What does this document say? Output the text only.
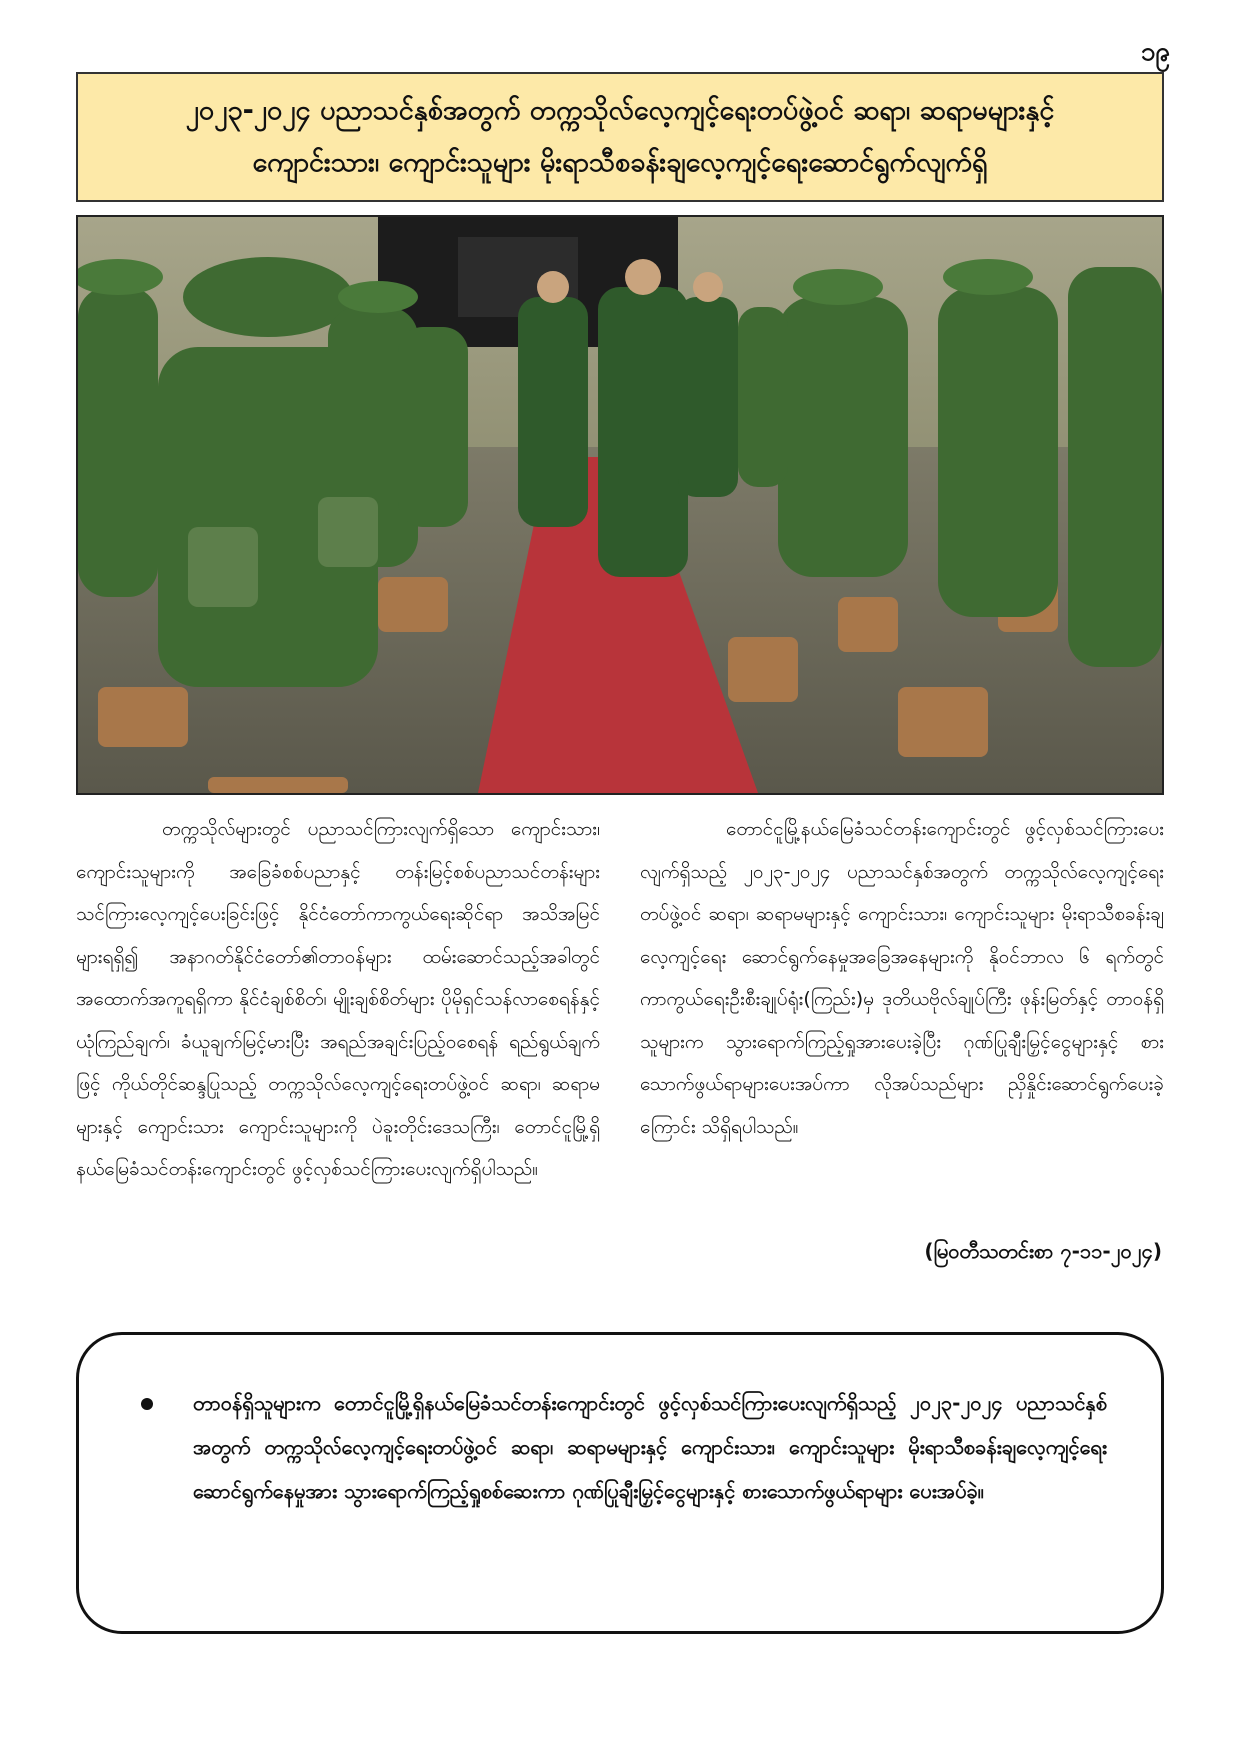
၁၉
၂၀၂၃-၂၀၂၄ ပညာသင်နှစ်အတွက် တက္ကသိုလ်လေ့ကျင့်ရေးတပ်ဖွဲ့ဝင် ဆရာ၊ ဆရာမများနှင့်
ကျောင်းသား၊ ကျောင်းသူများ မိုးရာသီစခန်းချလေ့ကျင့်ရေးဆောင်ရွက်လျက်ရှိ

တက္ကသိုလ်များတွင် ပညာသင်ကြားလျက်ရှိသော ကျောင်းသား၊ ကျောင်းသူများကို အခြေခံစစ်ပညာနှင့် တန်းမြင့်စစ်ပညာသင်တန်းများ သင်ကြားလေ့ကျင့်ပေးခြင်းဖြင့် နိုင်ငံတော်ကာကွယ်ရေးဆိုင်ရာ အသိအမြင်များရရှိ၍ အနာဂတ်နိုင်ငံတော်၏တာဝန်များ ထမ်းဆောင်သည့်အခါတွင် အထောက်အကူရရှိကာ နိုင်ငံချစ်စိတ်၊ မျိုးချစ်စိတ်များ ပိုမိုရှင်သန်လာစေရန်နှင့် ယုံကြည်ချက်၊ ခံယူချက်မြင့်မားပြီး အရည်အချင်းပြည့်ဝစေရန် ရည်ရွယ်ချက်ဖြင့် ကိုယ်တိုင်ဆန္ဒပြုသည့် တက္ကသိုလ်လေ့ကျင့်ရေးတပ်ဖွဲ့ဝင် ဆရာ၊ ဆရာမများနှင့် ကျောင်းသား ကျောင်းသူများကို ပဲခူးတိုင်းဒေသကြီး၊ တောင်ငူမြို့ရှိ နယ်မြေခံသင်တန်းကျောင်းတွင် ဖွင့်လှစ်သင်ကြားပေးလျက်ရှိပါသည်။

တောင်ငူမြို့နယ်မြေခံသင်တန်းကျောင်းတွင် ဖွင့်လှစ်သင်ကြားပေးလျက်ရှိသည့် ၂၀၂၃-၂၀၂၄ ပညာသင်နှစ်အတွက် တက္ကသိုလ်လေ့ကျင့်ရေး တပ်ဖွဲ့ဝင် ဆရာ၊ ဆရာမများနှင့် ကျောင်းသား၊ ကျောင်းသူများ မိုးရာသီစခန်းချလေ့ကျင့်ရေး ဆောင်ရွက်နေမှုအခြေအနေများကို နိုဝင်ဘာလ ၆ ရက်တွင် ကာကွယ်ရေးဦးစီးချုပ်ရုံး(ကြည်း)မှ ဒုတိယဗိုလ်ချုပ်ကြီး ဖုန်းမြတ်နှင့် တာဝန်ရှိသူများက သွားရောက်ကြည့်ရှုအားပေးခဲ့ပြီး ဂုဏ်ပြုချီးမြှင့်ငွေများနှင့် စားသောက်ဖွယ်ရာများပေးအပ်ကာ လိုအပ်သည်များ ညှိနှိုင်းဆောင်ရွက်ပေးခဲ့ကြောင်း သိရှိရပါသည်။

(မြဝတီသတင်းစာ ၇-၁၁-၂၀၂၄)
တာဝန်ရှိသူများက တောင်ငူမြို့ရှိနယ်မြေခံသင်တန်းကျောင်းတွင် ဖွင့်လှစ်သင်ကြားပေးလျက်ရှိသည့် ၂၀၂၃-၂၀၂၄ ပညာသင်နှစ်အတွက် တက္ကသိုလ်လေ့ကျင့်ရေးတပ်ဖွဲ့ဝင် ဆရာ၊ ဆရာမများနှင့် ကျောင်းသား၊ ကျောင်းသူများ မိုးရာသီစခန်းချလေ့ကျင့်ရေးဆောင်ရွက်နေမှုအား သွားရောက်ကြည့်ရှုစစ်ဆေးကာ ဂုဏ်ပြုချီးမြှင့်ငွေများနှင့် စားသောက်ဖွယ်ရာများ ပေးအပ်ခဲ့။
